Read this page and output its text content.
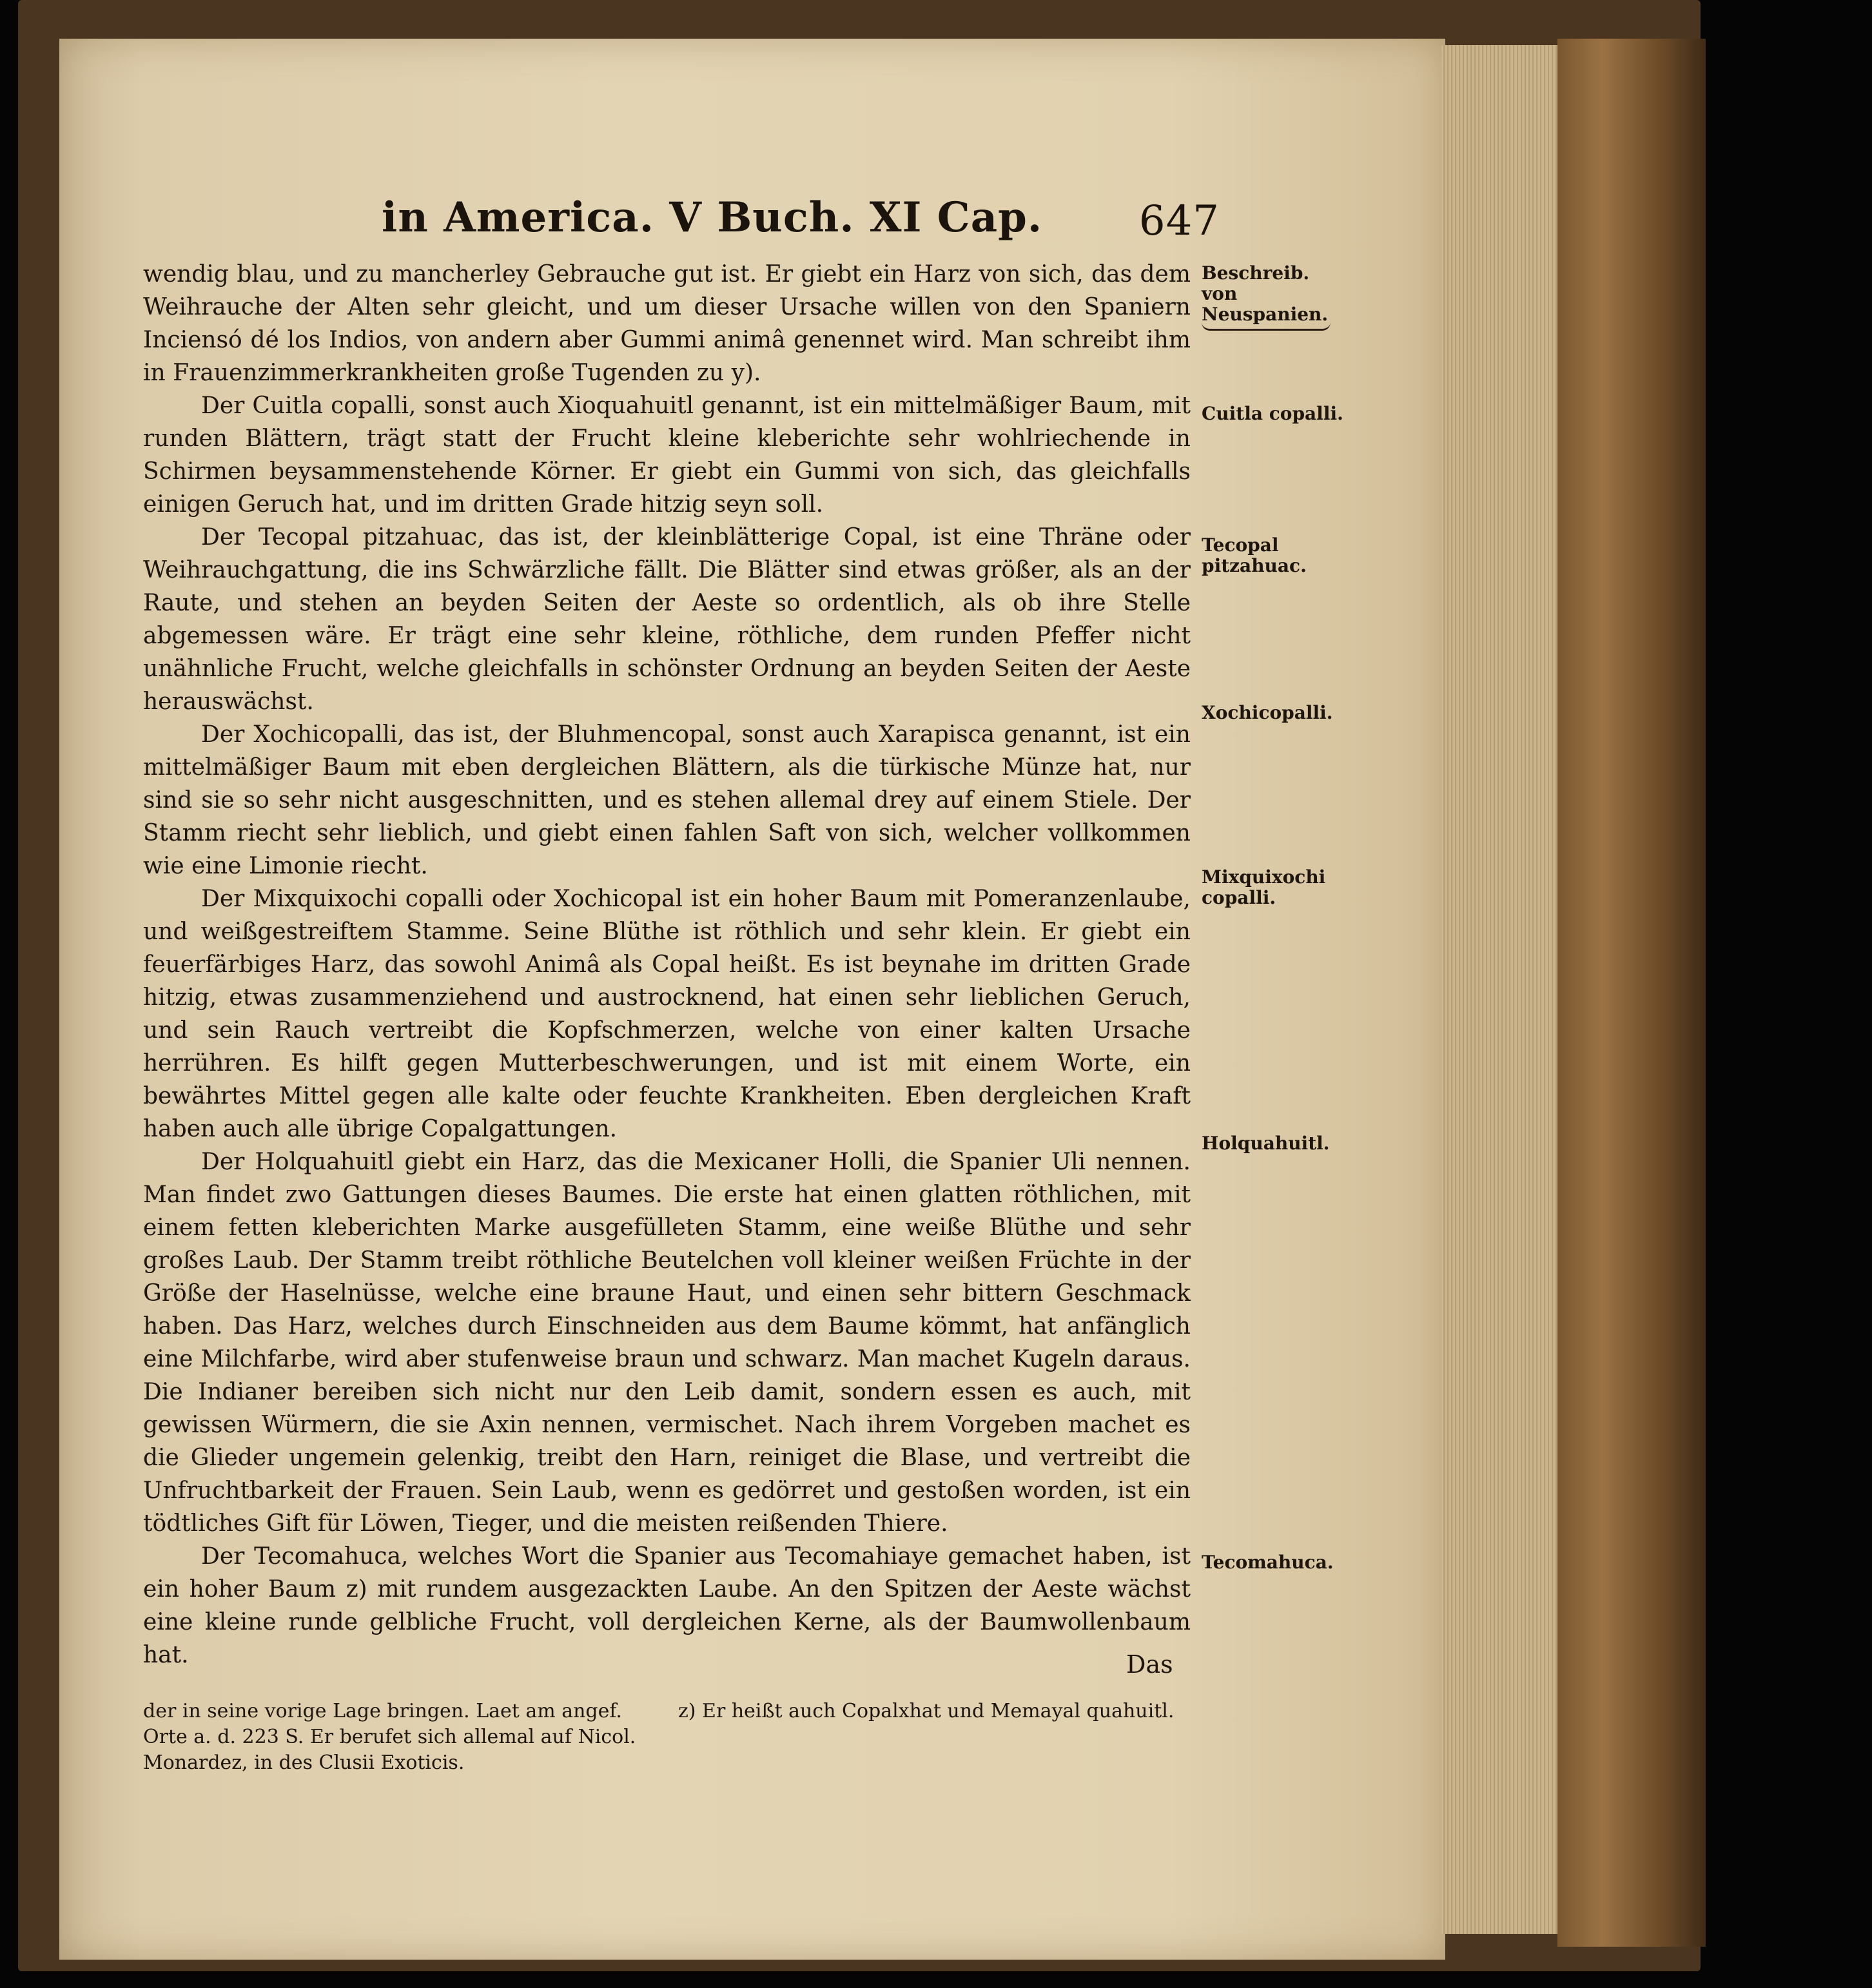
in America. V Buch. XI Cap. 647

wendig blau, und zu mancherley Gebrauche gut ist. Er giebt ein Harz von sich, das dem Weihrauche der Alten sehr gleicht, und um dieser Ursache willen von den Spaniern Inciensó dé los Indios, von andern aber Gummi animâ genennet wird. Man schreibt ihm in Frauenzimmerkrankheiten große Tugenden zu y).

Der Cuitla copalli, sonst auch Xioquahuitl genannt, ist ein mittelmäßiger Baum, mit runden Blättern, trägt statt der Frucht kleine kleberichte sehr wohlriechende in Schirmen beysammenstehende Körner. Er giebt ein Gummi von sich, das gleichfalls einigen Geruch hat, und im dritten Grade hitzig seyn soll.

Der Tecopal pitzahuac, das ist, der kleinblätterige Copal, ist eine Thräne oder Weihrauchgattung, die ins Schwärzliche fällt. Die Blätter sind etwas größer, als an der Raute, und stehen an beyden Seiten der Aeste so ordentlich, als ob ihre Stelle abgemessen wäre. Er trägt eine sehr kleine, röthliche, dem runden Pfeffer nicht unähnliche Frucht, welche gleichfalls in schönster Ordnung an beyden Seiten der Aeste herauswächst.

Der Xochicopalli, das ist, der Bluhmencopal, sonst auch Xarapisca genannt, ist ein mittelmäßiger Baum mit eben dergleichen Blättern, als die türkische Münze hat, nur sind sie so sehr nicht ausgeschnitten, und es stehen allemal drey auf einem Stiele. Der Stamm riecht sehr lieblich, und giebt einen fahlen Saft von sich, welcher vollkommen wie eine Limonie riecht.

Der Mixquixochi copalli oder Xochicopal ist ein hoher Baum mit Pomeranzenlaube, und weißgestreiftem Stamme. Seine Blüthe ist röthlich und sehr klein. Er giebt ein feuerfärbiges Harz, das sowohl Animâ als Copal heißt. Es ist beynahe im dritten Grade hitzig, etwas zusammenziehend und austrocknend, hat einen sehr lieblichen Geruch, und sein Rauch vertreibt die Kopfschmerzen, welche von einer kalten Ursache herrühren. Es hilft gegen Mutterbeschwerungen, und ist mit einem Worte, ein bewährtes Mittel gegen alle kalte oder feuchte Krankheiten. Eben dergleichen Kraft haben auch alle übrige Copalgattungen.

Der Holquahuitl giebt ein Harz, das die Mexicaner Holli, die Spanier Uli nennen. Man findet zwo Gattungen dieses Baumes. Die erste hat einen glatten röthlichen, mit einem fetten kleberichten Marke ausgefülleten Stamm, eine weiße Blüthe und sehr großes Laub. Der Stamm treibt röthliche Beutelchen voll kleiner weißen Früchte in der Größe der Haselnüsse, welche eine braune Haut, und einen sehr bittern Geschmack haben. Das Harz, welches durch Einschneiden aus dem Baume kömmt, hat anfänglich eine Milchfarbe, wird aber stufenweise braun und schwarz. Man machet Kugeln daraus. Die Indianer bereiben sich nicht nur den Leib damit, sondern essen es auch, mit gewissen Würmern, die sie Axin nennen, vermischet. Nach ihrem Vorgeben machet es die Glieder ungemein gelenkig, treibt den Harn, reiniget die Blase, und vertreibt die Unfruchtbarkeit der Frauen. Sein Laub, wenn es gedörret und gestoßen worden, ist ein tödtliches Gift für Löwen, Tieger, und die meisten reißenden Thiere.

Der Tecomahuca, welches Wort die Spanier aus Tecomahiaye gemachet haben, ist ein hoher Baum z) mit rundem ausgezackten Laube. An den Spitzen der Aeste wächst eine kleine runde gelbliche Frucht, voll dergleichen Kerne, als der Baumwollenbaum hat.

Beschreib. von Neuspanien.
Cuitla copalli.
Tecopal pitzahuac.
Xochicopalli.
Mixquixochi copalli.
Holquahuitl.
Tecomahuca.
Das
der in seine vorige Lage bringen. Laet am angef. Orte a. d. 223 S. Er berufet sich allemal auf Nicol. Monardez, in des Clusii Exoticis.
z) Er heißt auch Copalxhat und Memayal quahuitl.
